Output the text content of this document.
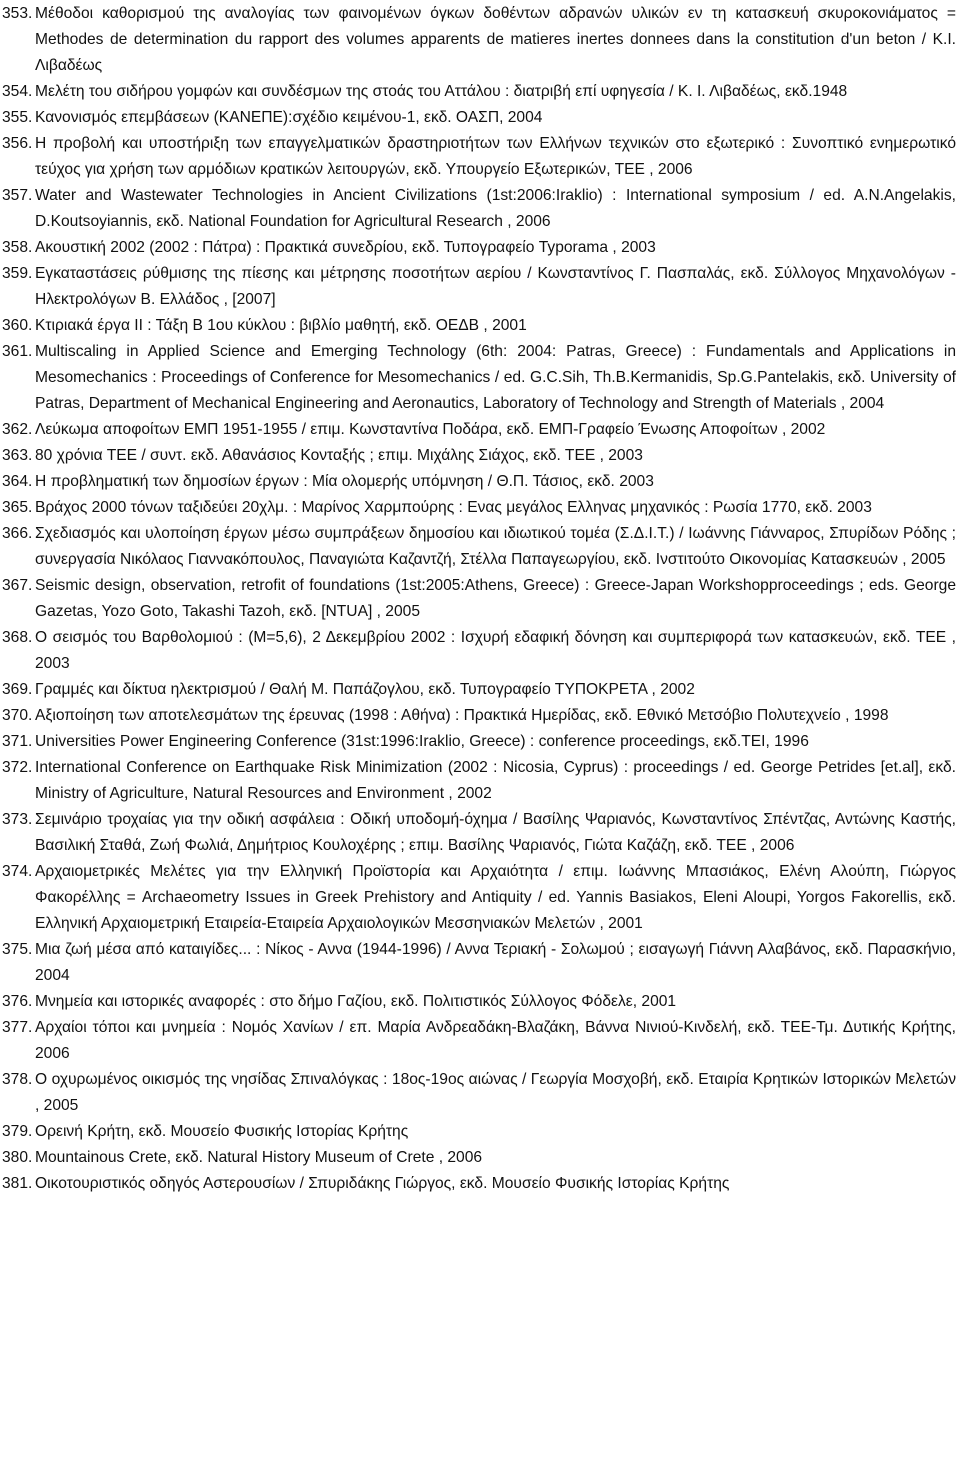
353. Μέθοδοι καθορισμού της αναλογίας των φαινομένων όγκων δοθέντων αδρανών υλικών εν τη κατασκευή σκυροκονιάματος = Methodes de determination du rapport des volumes apparents de matieres inertes donnees dans la constitution d'un beton / Κ.Ι. Λιβαδέως
354. Μελέτη του σιδήρου γομφών και συνδέσμων της στοάς του Αττάλου : διατριβή επί υφηγεσία / Κ. Ι. Λιβαδέως, εκδ.1948
355. Κανονισμός επεμβάσεων (ΚΑΝΕΠΕ):σχέδιο κειμένου-1, εκδ. ΟΑΣΠ, 2004
356. Η προβολή και υποστήριξη των επαγγελματικών δραστηριοτήτων των Ελλήνων τεχνικών στο εξωτερικό : Συνοπτικό ενημερωτικό τεύχος για χρήση των αρμόδιων κρατικών λειτουργών, εκδ. Υπουργείο Εξωτερικών, ΤΕΕ , 2006
357. Water and Wastewater Technologies in Ancient Civilizations (1st:2006:Iraklio) : International symposium / ed. A.N.Angelakis, D.Koutsoyiannis, εκδ. National Foundation for Agricultural Research , 2006
358. Ακουστική 2002 (2002 : Πάτρα) : Πρακτικά συνεδρίου, εκδ. Τυπογραφείο Typorama , 2003
359. Εγκαταστάσεις ρύθμισης της πίεσης και μέτρησης ποσοτήτων αερίου / Κωνσταντίνος Γ. Πασπαλάς, εκδ. Σύλλογος Μηχανολόγων - Ηλεκτρολόγων Β. Ελλάδος , [2007]
360. Κτιριακά έργα ΙΙ : Τάξη Β 1ου κύκλου : βιβλίο μαθητή, εκδ. ΟΕΔΒ , 2001
361. Multiscaling in Applied Science and Emerging Technology (6th: 2004: Patras, Greece) : Fundamentals and Applications in Mesomechanics : Proceedings of Conference for Mesomechanics / ed. G.C.Sih, Th.B.Kermanidis, Sp.G.Pantelakis, εκδ. University of Patras, Department of Mechanical Engineering and Aeronautics, Laboratory of Technology and Strength of Materials , 2004
362. Λεύκωμα αποφοίτων ΕΜΠ 1951-1955 / επιμ. Κωνσταντίνα Ποδάρα, εκδ. ΕΜΠ-Γραφείο Ένωσης Αποφοίτων , 2002
363. 80 χρόνια ΤΕΕ / συντ. εκδ. Αθανάσιος Κονταξής ; επιμ. Μιχάλης Σιάχος, εκδ. ΤΕΕ , 2003
364. Η προβληματική των δημοσίων έργων : Μία ολομερής υπόμνηση / Θ.Π. Τάσιος, εκδ. 2003
365. Βράχος 2000 τόνων ταξιδεύει 20χλμ. : Μαρίνος Χαρμπούρης : Ενας μεγάλος Ελληνας μηχανικός : Ρωσία 1770, εκδ. 2003
366. Σχεδιασμός και υλοποίηση έργων μέσω συμπράξεων δημοσίου και ιδιωτικού τομέα (Σ.Δ.Ι.Τ.) / Ιωάννης Γιάνναρος, Σπυρίδων Ρόδης ; συνεργασία Νικόλαος Γιαννακόπουλος, Παναγιώτα Καζαντζή, Στέλλα Παπαγεωργίου, εκδ. Ινστιτούτο Οικονομίας Κατασκευών , 2005
367. Seismic design, observation, retrofit of foundations (1st:2005:Athens, Greece) : Greece-Japan Workshopproceedings ; eds. George Gazetas, Yozo Goto, Takashi Tazoh, εκδ. [NTUA] , 2005
368. Ο σεισμός του Βαρθολομιού : (Μ=5,6), 2 Δεκεμβρίου 2002 : Ισχυρή εδαφική δόνηση και συμπεριφορά των κατασκευών, εκδ. ΤΕΕ , 2003
369. Γραμμές και δίκτυα ηλεκτρισμού / Θαλή Μ. Παπάζογλου, εκδ. Τυπογραφείο ΤΥΠΟΚΡΕΤΑ , 2002
370. Αξιοποίηση των αποτελεσμάτων της έρευνας (1998 : Αθήνα) : Πρακτικά Ημερίδας, εκδ. Εθνικό Μετσόβιο Πολυτεχνείο , 1998
371. Universities Power Engineering Conference (31st:1996:Iraklio, Greece) : conference proceedings, εκδ.ΤΕΙ, 1996
372. International Conference on Earthquake Risk Minimization (2002 : Nicosia, Cyprus) : proceedings / ed. George Petrides [et.al], εκδ. Ministry of Agriculture, Natural Resources and Environment , 2002
373. Σεμινάριο τροχαίας για την οδική ασφάλεια : Οδική υποδομή-όχημα / Βασίλης Ψαριανός, Κωνσταντίνος Σπέντζας, Αντώνης Καστής, Βασιλική Σταθά, Ζωή Φωλιά, Δημήτριος Κουλοχέρης ; επιμ. Βασίλης Ψαριανός, Γιώτα Καζάζη, εκδ. ΤΕΕ , 2006
374. Αρχαιομετρικές Μελέτες για την Ελληνική Προϊστορία και Αρχαιότητα / επιμ. Ιωάννης Μπασιάκος, Ελένη Αλούπη, Γιώργος Φακορέλλης = Archaeometry Issues in Greek Prehistory and Antiquity / ed. Yannis Basiakos, Eleni Aloupi, Yorgos Fakorellis, εκδ. Ελληνική Αρχαιομετρική Εταιρεία-Εταιρεία Αρχαιολογικών Μεσσηνιακών Μελετών , 2001
375. Μια ζωή μέσα από καταιγίδες... : Νίκος - Αννα (1944-1996) / Αννα Τεριακή - Σολωμού ; εισαγωγή Γιάννη Αλαβάνος, εκδ. Παρασκήνιο, 2004
376. Μνημεία και ιστορικές αναφορές : στο δήμο Γαζίου, εκδ. Πολιτιστικός Σύλλογος Φόδελε, 2001
377. Αρχαίοι τόποι και μνημεία : Νομός Χανίων / επ. Μαρία Ανδρεαδάκη-Βλαζάκη, Βάννα Νινιού-Κινδελή, εκδ. ΤΕΕ-Τμ. Δυτικής Κρήτης, 2006
378. Ο οχυρωμένος οικισμός της νησίδας Σπιναλόγκας : 18ος-19ος αιώνας / Γεωργία Μοσχοβή, εκδ. Εταιρία Κρητικών Ιστορικών Μελετών , 2005
379. Ορεινή Κρήτη, εκδ. Μουσείο Φυσικής Ιστορίας Κρήτης
380. Mountainous Crete, εκδ. Natural History Museum of Crete , 2006
381. Οικοτουριστικός οδηγός Αστερουσίων / Σπυριδάκης Γιώργος, εκδ. Μουσείο Φυσικής Ιστορίας Κρήτης
